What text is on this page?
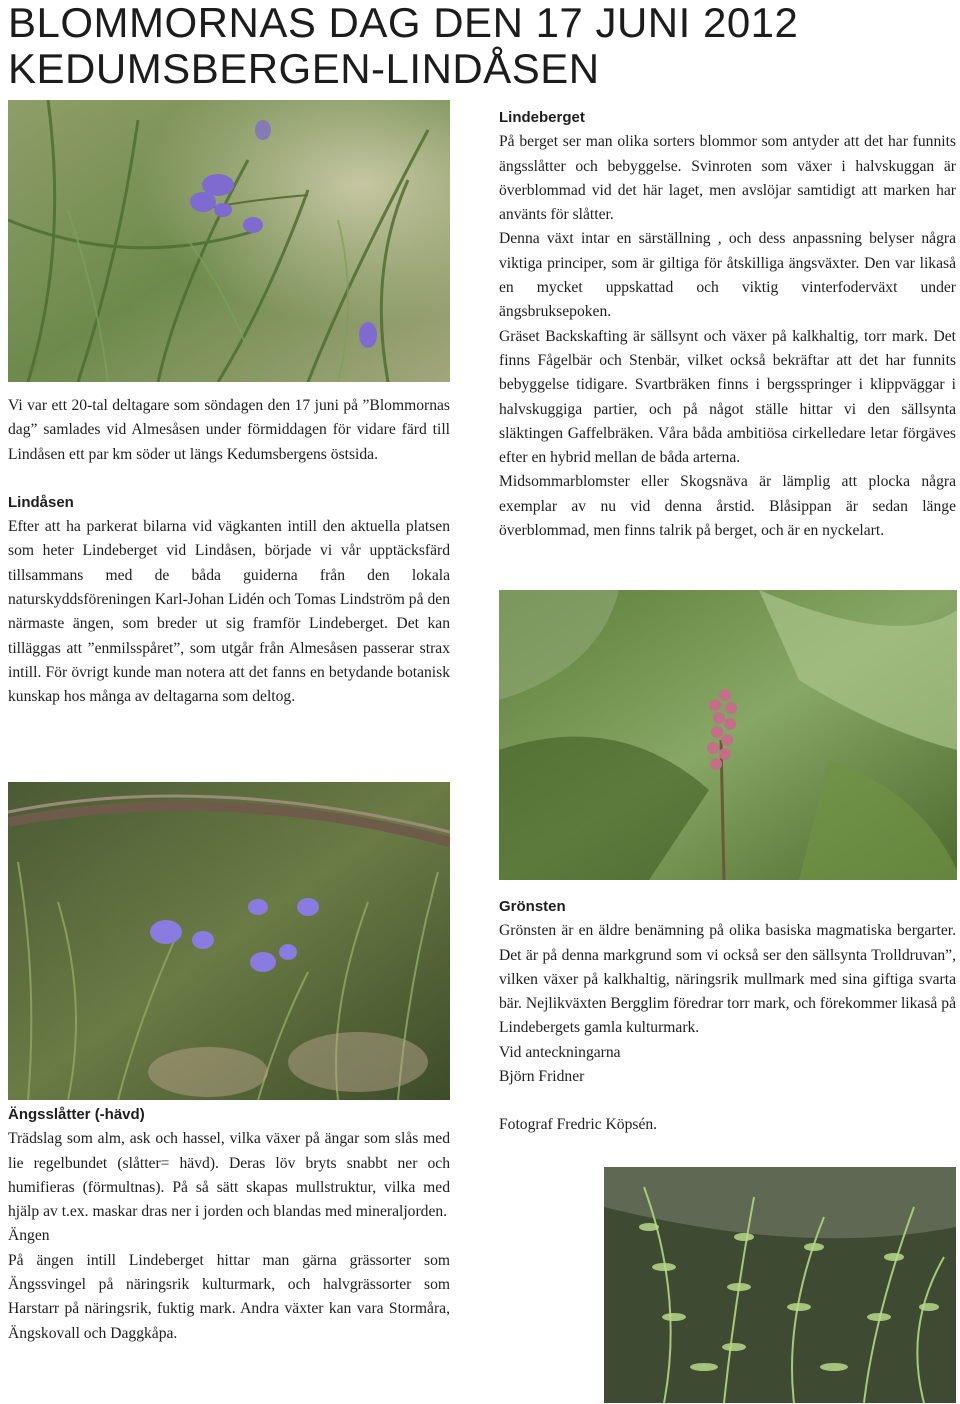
BLOMMORNAS DAG DEN 17 JUNI 2012
KEDUMSBERGEN-LINDÅSEN

Vi var ett 20-tal deltagare som söndagen den 17 juni på ”Blommornas dag” samlades vid Almesåsen under förmiddagen för vidare färd till Lindåsen ett par km söder ut längs Kedumsbergens östsida.

Lindåsen

Efter att ha parkerat bilarna vid vägkanten intill den aktuella platsen som heter Lindeberget vid Lindåsen, började vi vår upptäcksfärd tillsammans med de båda guiderna från den lokala naturskyddsföreningen Karl-Johan Lidén och Tomas Lindström på den närmaste ängen, som breder ut sig framför Lindeberget. Det kan tilläggas att ”enmilsspåret”, som utgår från Almesåsen passerar strax intill. För övrigt kunde man notera att det fanns en betydande botanisk kunskap hos många av deltagarna som deltog.

Lindeberget

På berget ser man olika sorters blommor som antyder att det har funnits ängsslåtter och bebyggelse. Svinroten som växer i halvskuggan är överblommad vid det här laget, men avslöjar samtidigt att marken har använts för slåtter.

Denna växt intar en särställning , och dess anpassning belyser några viktiga principer, som är giltiga för åtskilliga ängsväxter. Den var likaså en mycket uppskattad och viktig vinterfoderväxt under ängsbruksepoken.

Gräset Backskafting är sällsynt och växer på kalkhaltig, torr mark. Det finns Fågelbär och Stenbär, vilket också bekräftar att det har funnits bebyggelse tidigare. Svartbräken finns i bergsspringer i klippväggar i halvskuggiga partier, och på något ställe hittar vi den sällsynta släktingen Gaffelbräken. Våra båda ambitiösa cirkelledare letar förgäves efter en hybrid mellan de båda arterna.

Midsommarblomster eller Skogsnäva är lämplig att plocka några exemplar av nu vid denna årstid. Blåsippan är sedan länge överblommad, men finns talrik på berget, och är en nyckelart.

Ängsslåtter (-hävd)

Trädslag som alm, ask och hassel, vilka växer på ängar som slås med lie regelbundet (slåtter= hävd). Deras löv bryts snabbt ner och humifieras (förmultnas). På så sätt skapas mullstruktur, vilka med hjälp av t.ex. maskar dras ner i jorden och blandas med mineraljorden.

Ängen

På ängen intill Lindeberget hittar man gärna grässorter som Ängssvingel på näringsrik kulturmark, och halvgrässorter som Harstarr på näringsrik, fuktig mark. Andra växter kan vara Stormåra, Ängskovall och Daggkåpa.

Grönsten

Grönsten är en äldre benämning på olika basiska magmatiska bergarter. Det är på denna markgrund som vi också ser den sällsynta Trolldruvan”, vilken växer på kalkhaltig, näringsrik mullmark med sina giftiga svarta bär. Nejlikväxten Bergglim föredrar torr mark, och förekommer likaså på Lindebergets gamla kulturmark.

Vid anteckningarna

Björn Fridner

Fotograf Fredric Köpsén.
